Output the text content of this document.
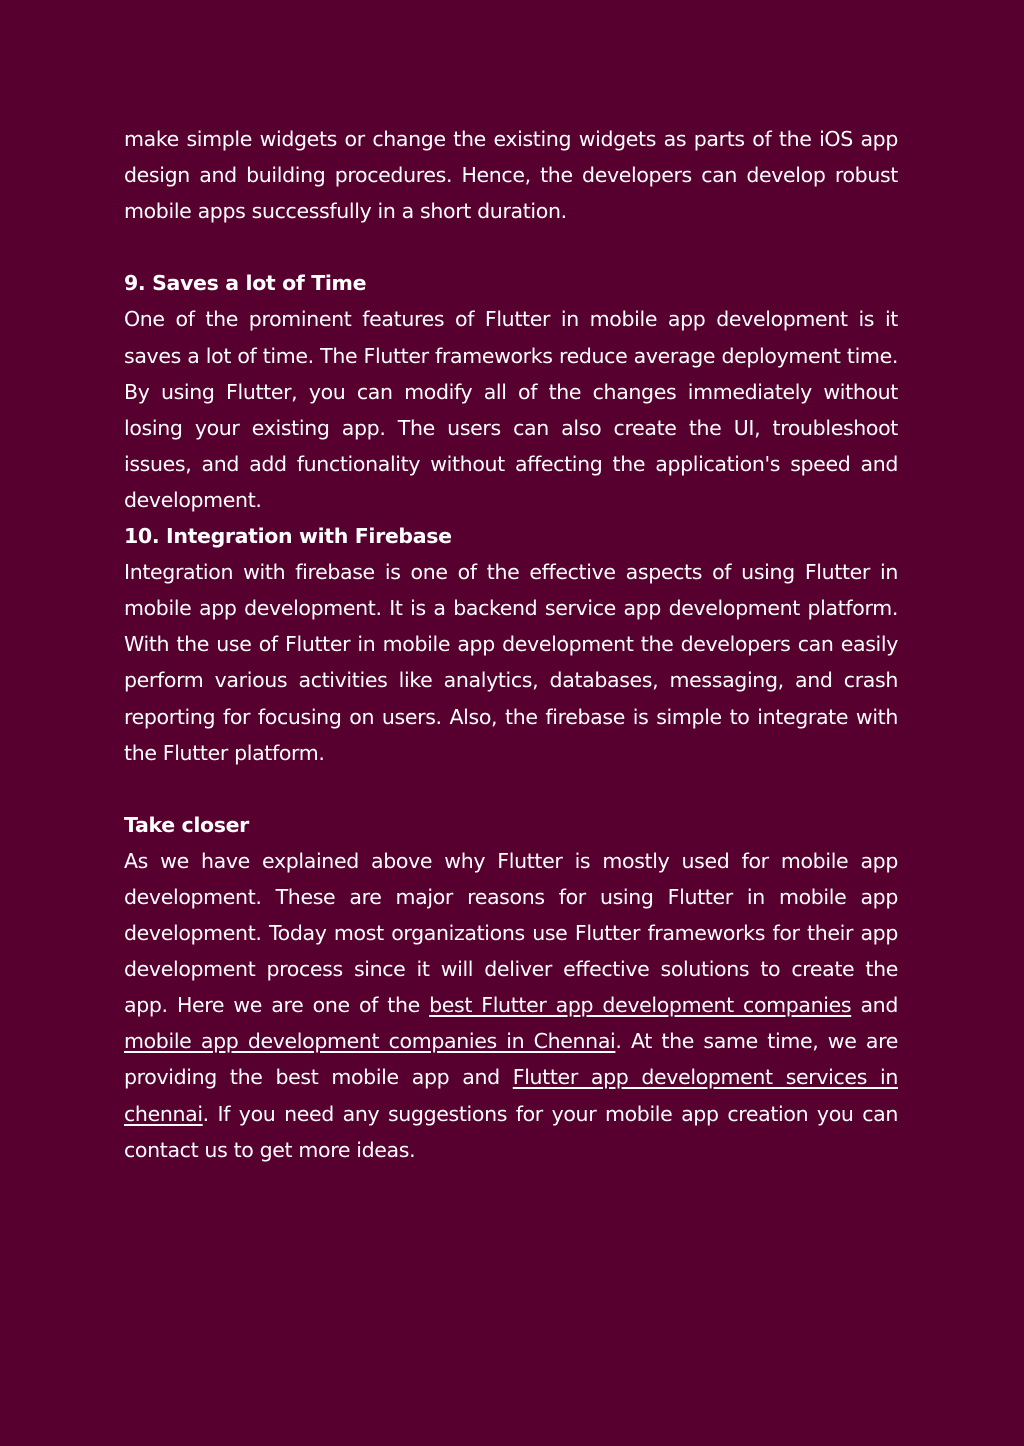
make simple widgets or change the existing widgets as parts of the iOS app design and building procedures. Hence, the developers can develop robust mobile apps successfully in a short duration.

9. Saves a lot of Time

One of the prominent features of Flutter in mobile app development is it saves a lot of time. The Flutter frameworks reduce average deployment time. By using Flutter, you can modify all of the changes immediately without losing your existing app. The users can also create the UI, troubleshoot issues, and add functionality without affecting the application's speed and development.

10. Integration with Firebase

Integration with firebase is one of the effective aspects of using Flutter in mobile app development. It is a backend service app development platform. With the use of Flutter in mobile app development the developers can easily perform various activities like analytics, databases, messaging, and crash reporting for focusing on users. Also, the firebase is simple to integrate with the Flutter platform.

Take closer

As we have explained above why Flutter is mostly used for mobile app development. These are major reasons for using Flutter in mobile app development. Today most organizations use Flutter frameworks for their app development process since it will deliver effective solutions to create the app. Here we are one of the best Flutter app development companies and mobile app development companies in Chennai. At the same time, we are providing the best mobile app and Flutter app development services in chennai. If you need any suggestions for your mobile app creation you can contact us to get more ideas.
